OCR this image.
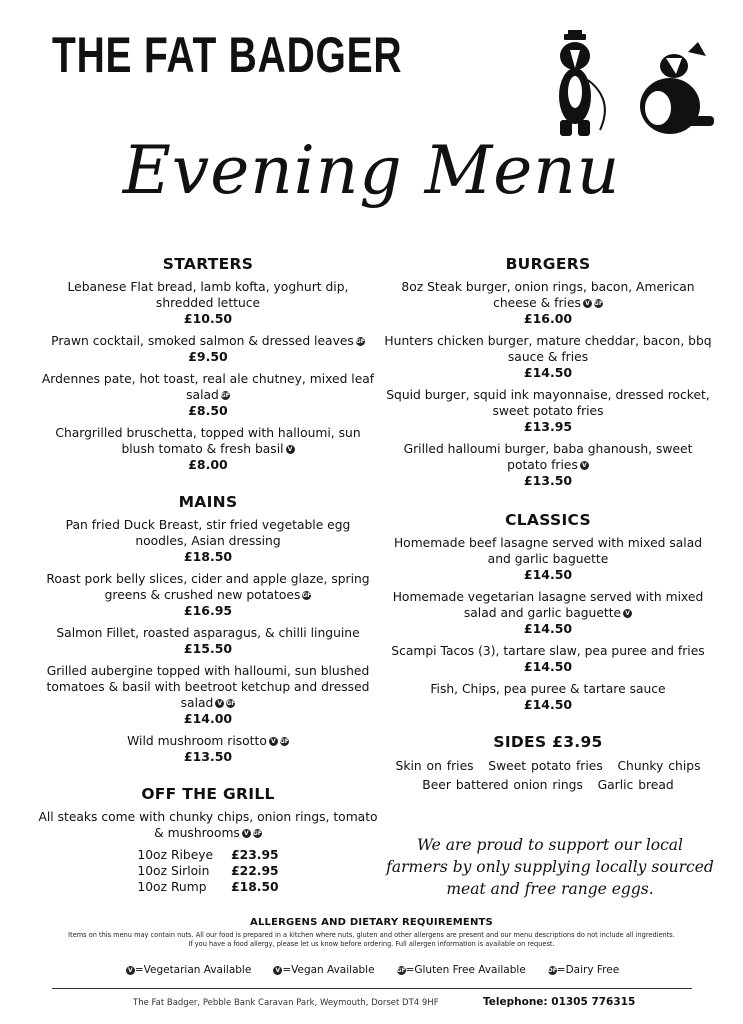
THE FAT BADGER
Evening Menu
STARTERS
Lebanese Flat bread, lamb kofta, yoghurt dip, shredded lettuce
£10.50
Prawn cocktail, smoked salmon & dressed leaves GF
£9.50
Ardennes pate, hot toast, real ale chutney, mixed leaf salad GF
£8.50
Chargrilled bruschetta, topped with halloumi, sun blush tomato & fresh basil V
£8.00
MAINS
Pan fried Duck Breast, stir fried vegetable egg noodles, Asian dressing
£18.50
Roast pork belly slices, cider and apple glaze, spring greens & crushed new potatoes GF
£16.95
Salmon Fillet, roasted asparagus, & chilli linguine
£15.50
Grilled aubergine topped with halloumi, sun blushed tomatoes & basil with beetroot ketchup and dressed salad V GF
£14.00
Wild mushroom risotto V GF
£13.50
OFF THE GRILL
All steaks come with chunky chips, onion rings, tomato & mushrooms V GF
10oz Ribeye £23.95
10oz Sirloin	£22.95
10oz Rump	£18.50
BURGERS
8oz Steak burger, onion rings, bacon, American cheese & fries V GF
£16.00
Hunters chicken burger, mature cheddar, bacon, bbq sauce & fries
£14.50
Squid burger, squid ink mayonnaise, dressed rocket, sweet potato fries
£13.95
Grilled halloumi burger, baba ghanoush, sweet potato fries V
£13.50
CLASSICS
Homemade beef lasagne served with mixed salad and garlic baguette
£14.50
Homemade vegetarian lasagne served with mixed salad and garlic baguette V
£14.50
Scampi Tacos (3), tartare slaw, pea puree and fries
£14.50
Fish, Chips, pea puree & tartare sauce
£14.50
SIDES £3.95
Skin on fries   Sweet potato fries   Chunky chips
Beer battered onion rings   Garlic bread
We are proud to support our local farmers by only supplying locally sourced meat and free range eggs.
ALLERGENS AND DIETARY REQUIREMENTS
Items on this menu may contain nuts. All our food is prepared in a kitchen where nuts, gluten and other allergens are present and our menu descriptions do not include all ingredients.
If you have a food allergy, please let us know before ordering. Full allergen information is available on request.
V =Vegetarian Available	V =Vegan Available	GF=Gluten Free Available	DF=Dairy Free
The Fat Badger, Pebble Bank Caravan Park, Weymouth, Dorset DT4 9HF	Telephone: 01305 776315
